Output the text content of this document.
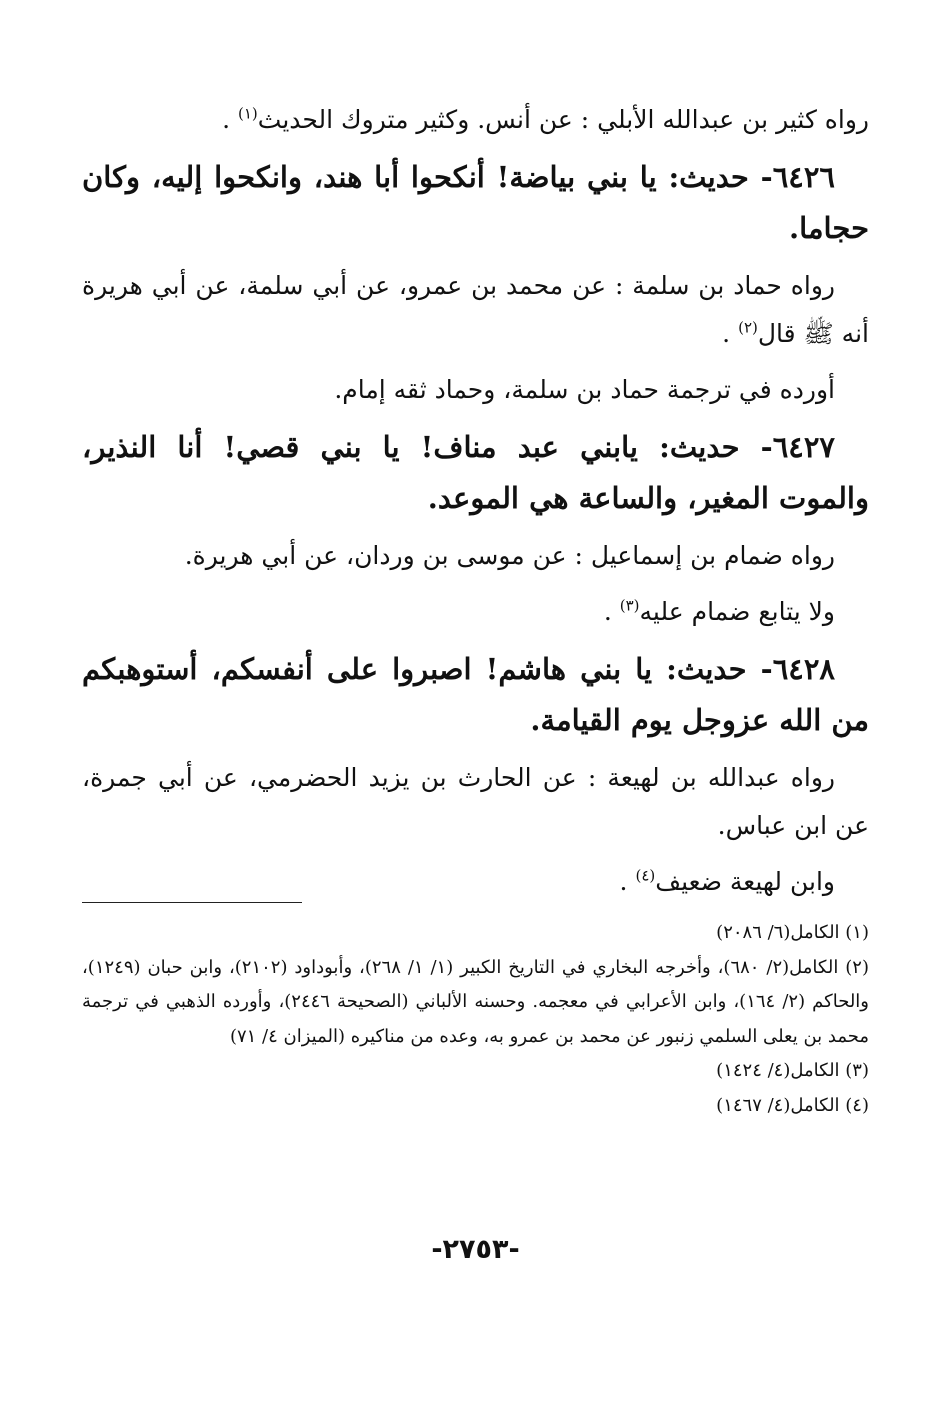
رواه كثير بن عبدالله الأبلي : عن أنس. وكثير متروك الحديث$^{(١)}$ .

٦٤٢٦- حديث: يا بني بياضة! أنكحوا أبا هند، وانكحوا إليه، وكان حجاما.

رواه حماد بن سلمة : عن محمد بن عمرو، عن أبي سلمة، عن أبي هريرة أنه ﷺ قال$^{(٢)}$ .

أورده في ترجمة حماد بن سلمة، وحماد ثقه إمام.

٦٤٢٧- حديث: يابني عبد مناف! يا بني قصي! أنا النذير، والموت المغير، والساعة هي الموعد.

رواه ضمام بن إسماعيل : عن موسى بن وردان، عن أبي هريرة.

ولا يتابع ضمام عليه$^{(٣)}$ .

٦٤٢٨- حديث: يا بني هاشم! اصبروا على أنفسكم، أستوهبكم من الله عزوجل يوم القيامة.

رواه عبدالله بن لهيعة : عن الحارث بن يزيد الحضرمي، عن أبي جمرة، عن ابن عباس.

وابن لهيعة ضعيف$^{(٤)}$ .

(١) الكامل(٦/ ٢٠٨٦)

(٢) الكامل(٢/ ٦٨٠)، وأخرجه البخاري في التاريخ الكبير (١/ ١/ ٢٦٨)، وأبوداود (٢١٠٢)، وابن حبان (١٢٤٩)، والحاكم (٢/ ١٦٤)، وابن الأعرابي في معجمه. وحسنه الألباني (الصحيحة ٢٤٤٦)، وأورده الذهبي في ترجمة محمد بن يعلى السلمي زنبور عن محمد بن عمرو به، وعده من مناكيره (الميزان ٤/ ٧١)

(٣) الكامل(٤/ ١٤٢٤)

(٤) الكامل(٤/ ١٤٦٧)

-٢٧٥٣-
